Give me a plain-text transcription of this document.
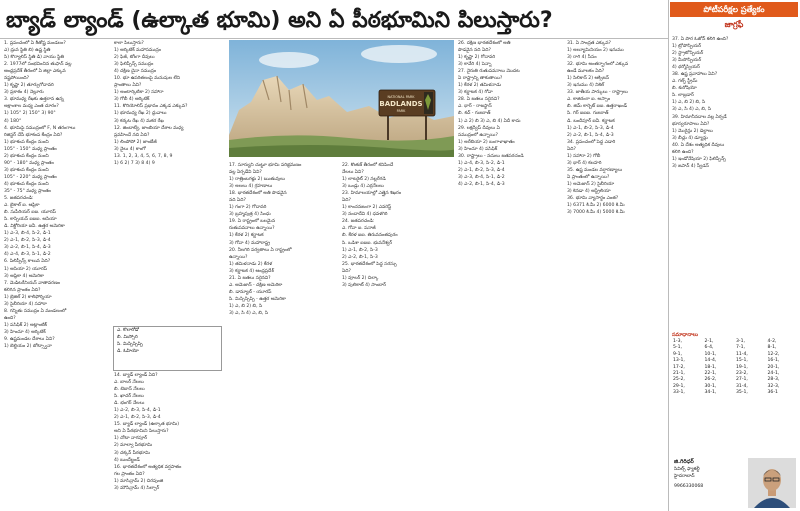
బ్యాడ్ ల్యాండ్ (ఉల్కాత భూమి) అని ఏ పీఠభూమిని పిలుస్తారు?	పోటీపరీక్షల ప్రత్యేకం
జాగ్రఫీ
1. ప్రపంచంలో ఏ శీతోష్ణ మండలం?
ఎ) ధ్రువ స్థితి బి) ఉష్ణ స్థితి
సి) కొర్యాలిస్ స్థితి డి) వాయు స్థితి
2. 1977లో సంభవించిన తుఫాన్ వల్ల
ఆంధ్రప్రదేశ్ తీరంలో ఏ జిల్లా ఎక్కువ
నష్టపోయింది?
1) కృష్ణా 2) తూర్పుగోదావరి
3) ప్రకాశం 4) నెల్లూరు
3. భూమధ్య రేఖకు ఉత్తరాన ఉన్న
అక్షాంశాల మధ్య ఎంత దూరం?
1) 105° 2) 150° 3) 90°
4) 180°
4. భూమిపై సముద్రంలో F, N తరంగాలు
రిజిస్టర్ చేసే భూకంప కేంద్రం ఏది?
1) భూకంప కేంద్రం నుంచి
105° - 150° మధ్య ప్రాంతం
2) భూకంప కేంద్రం నుంచి
90° - 180° మధ్య ప్రాంతం
3) భూకంప కేంద్రం నుంచి
105° - 220° మధ్య ప్రాంతం
4) భూకంప కేంద్రం నుంచి
35° - 75° మధ్య ప్రాంతం
5. జతపరచండి:
ఎ. బైకాల్ ఐ. ఆఫ్రికా
బి. సుపీరియర్ ఐఐ. యూరప్
సి. కాస్పియన్ ఐఐఐ. ఆసియా
డి. విక్టోరియా ఐవీ. ఉత్తర అమెరికా
1) ఎ-3, బి-4, సి-2, డి-1
2) ఎ-1, బి-2, సి-3, డి-4
3) ఎ-2, బి-1, సి-4, డి-3
4) ఎ-4, బి-3, సి-1, డి-2
6. పిలిప్పీన్స్ కాలువ ఏది?
1) ఆసియా 2) యూరప్
3) ఆఫ్రికా 4) అమెరికా
7. మెడిటరేనియన్ వాతావరణం
కలిగిన ప్రాంతం ఏది?
1) బ్రెజిల్ 2) కాలిఫోర్నియా
3) సైబీరియా 4) సహారా
8. గన్నితు సముద్రం ఏ మండలంలో
ఉంది?
1) పసిఫిక్ 2) అట్లాంటిక్
3) హిందూ 4) ఆర్కిటిక్
9. ఉష్ణమండల దేశాలు ఏవి?
1) బెల్జియం 2) బోట్స్వానా
కాలా పిలుస్తారు?
1) ఆర్కిటిక్ మహాసముద్రం
2) ఫిజీ, టోంగా దీవులు
3) ఫిలిప్పీన్స్ సముద్రం
4) దక్షిణ చైనా సముద్రం
10. భూ ఉపరితలంపై మనుషుల లేని
ప్రాంతాలు ఏవి?
1) అంటార్కిటికా 2) సహారా
3) గోబీ 4) ఆర్కిటిక్
11. కొరియోలిస్ ప్రభావం ఎక్కడ ఎక్కువ?
1) భూమధ్య రేఖ 2) ధ్రువాలు
3) కర్కట రేఖ 4) మకర రేఖ
12. జింబాబ్వే, జాంబియా దేశాల మధ్య
ప్రవహించే నది ఏది?
1) లింపోపో 2) జాంబేజీ
3) నైలు 4) కాంగో
13. 1, 2, 3, 4, 5, 6, 7, 8, 9
1) 6 2) 7 3) 8 4) 9
14. బ్యాడ్ ల్యాండ్ ఏది?
ఎ. బాలర్ నేలలు
బి. బెబాన్ నేలలు
సి. ఖాదర్ నేలలు
డి. భంగర్ నేలలు
1) ఎ-2, బి-3, సి-4, డి-1
2) ఎ-1, బి-2, సి-3, డి-4
15. బ్యాడ్ ల్యాండ్ (ఉల్కాత భూమి)
అని ఏ పీఠభూమిని పిలుస్తారు?
1) చోటా నాగపూర్
2) మాల్వా పీఠభూమి
3) దక్కన్ పీఠభూమి
4) బుందేల్ఖండ్
16. భారతదేశంలో అత్యధిక వర్షపాతం
గల ప్రాంతం ఏది?
1) మాసిన్రామ్ 2) చిరపుంజి
3) మౌసిన్రామ్ 4) సిల్చార్
NATIONAL PARK
BADLANDS
PARK
17. సూర్యుని చుట్టూ భూమి పరిభ్రమణం
వల్ల ఏర్పడేవి ఏవి?
1) రాత్రింబగళ్లు 2) ఋతువులు
3) అలలు 4) గ్రహణాలు
18. భారతదేశంలో అతి పొడవైన
నది ఏది?
1) గంగా 2) గోదావరి
3) బ్రహ్మపుత్ర 4) సింధు
19. ఏ రాష్ట్రంలో బలమైన
రుతుపవనాలు ఉన్నాయి?
1) కేరళ 2) కర్ణాటక
3) గోవా 4) మహారాష్ట్ర
20. నీలగిరి పర్వతాలు ఏ రాష్ట్రంలో
ఉన్నాయి?
1) తమిళనాడు 2) కేరళ
3) కర్ణాటక 4) ఆంధ్రప్రదేశ్
21. ఏ జతలు సరైనవి?
ఎ. ఆమెజాన్ - దక్షిణ అమెరికా
బి. డాన్యూబ్ - యూరప్
సి. మిస్సిస్సిప్పి - ఉత్తర అమెరికా
1) ఎ, బి 2) బి, సి
3) ఎ, సి 4) ఎ, బి, సి
22. కొంకణ్ తీరంలో కనిపించే
నేలలు ఏవి?
1) లాటరైట్ 2) నల్లరేగడి
3) ఒండ్రు 4) ఎర్రనేలలు
23. హిమాలయాల్లో ఎత్తైన శిఖరం
ఏది?
1) కాంచనజంగా 2) ఎవరెస్ట్
3) నందాదేవి 4) ధవళగిరి
24. జతపరచండి:
ఎ. గోవా ఐ. పనాజీ
బి. కేరళ ఐఐ. తిరువనంతపురం
సి. ఒడిశా ఐఐఐ. భువనేశ్వర్
1) ఎ-1, బి-2, సి-3
2) ఎ-2, బి-1, సి-3
25. భారతదేశంలో పెద్ద సరస్సు
ఏది?
1) వూలర్ 2) చిల్కా
3) పులికాట్ 4) సాంబార్
26. దక్షిణ భారతదేశంలో అతి
పొడవైన నది ఏది?
1) కృష్ణా 2) గోదావరి
3) కావేరి 4) పెన్నా
27. నైరుతి రుతుపవనాలు మొదట
ఏ రాష్ట్రాన్ని తాకుతాయి?
1) కేరళ 2) తమిళనాడు
3) కర్ణాటక 4) గోవా
28. ఏ జతలు సరైనవి?
ఎ. థార్ - రాజస్థాన్
బి. కచ్ - గుజరాత్
1) ఎ 2) బి 3) ఎ, బి 4) ఏదీ కాదు
29. లక్షద్వీప్ దీవులు ఏ
సముద్రంలో ఉన్నాయి?
1) అరేబియా 2) బంగాళాఖాతం
3) హిందూ 4) పసిఫిక్
30. రాష్ట్రాలు - నదులు జతపరచండి
1) ఎ-4, బి-3, సి-2, డి-1
2) ఎ-1, బి-2, సి-3, డి-4
3) ఎ-3, బి-4, సి-1, డి-2
4) ఎ-2, బి-1, సి-4, డి-3
31. ఏ సాంద్రత ఎక్కువ?
1) అల్యూమినియం 2) ఇనుము
3) రాగి 4) సీసం
32. భూమి అంతర్భాగంలో ఎక్కువ
ఉండే మూలకం ఏది?
1) సిలికాన్ 2) ఆక్సిజన్
3) ఇనుము 4) నికెల్
33. జాతీయ పార్కులు - రాష్ట్రాలు
ఎ. కాజిరంగా ఐ. అస్సాం
బి. జిమ్ కార్బెట్ ఐఐ. ఉత్తరాఖండ్
సి. గిర్ ఐఐఐ. గుజరాత్
డి. బందీపూర్ ఐవీ. కర్ణాటక
1) ఎ-1, బి-2, సి-3, డి-4
2) ఎ-2, బి-1, సి-4, డి-3
34. ప్రపంచంలో పెద్ద ఎడారి
ఏది?
1) సహారా 2) గోబీ
3) థార్ 4) కలహరి
35. ఉష్ణ మండల వర్షారణ్యాలు
ఏ ప్రాంతంలో ఉన్నాయి?
1) అమెజాన్ 2) సైబీరియా
3) కెనడా 4) ఆస్ట్రేలియా
36. భూమి వ్యాసార్థం ఎంత?
1) 6371 కి.మీ 2) 6000 కి.మీ
3) 7000 కి.మీ 4) 5000 కి.మీ
37. ఏ పొర ఓజోన్ కలిగి ఉంది?
1) ట్రోపోస్ఫియర్
2) స్ట్రాటోస్ఫియర్
3) మీసోస్ఫియర్
4) థర్మోస్ఫియర్
38. ఉష్ణ ప్రవాహాలు ఏవి?
ఎ. గల్ఫ్ స్ట్రీమ్
బి. కురోషియో
సి. లాబ్రడార్
1) ఎ, బి 2) బి, సి
3) ఎ, సి 4) ఎ, బి, సి
39. హిమానీనదాల వల్ల ఏర్పడే
భూస్వరూపాలు ఏవి?
1) మొరైన్లు 2) డెల్టాలు
3) బీచ్లు 4) డ్యూన్లు
40. ఏ దేశం అత్యధిక దీవులు
కలిగి ఉంది?
1) ఇండోనేషియా 2) ఫిలిప్పీన్స్
3) జపాన్ 4) స్వీడన్
ఎ. కొలారోడో
బి. మిస్సోరి
సి. మిస్సిస్సిప్పి
డి. ఓహియో
సమాధానాలు
1-3,	2-1,	3-1,	4-2,
5-1,	6-4,	7-1,	8-1,
9-1,	10-1,	11-4,	12-2,
13-1,	14-4,	15-1,	16-1,
17-2,	18-1,	19-1,	20-1,
21-1,	22-1,	23-2,	24-1,
25-2,	26-2,	27-1,	28-3,
29-1,	30-1,	31-4,	32-3,
33-1,	34-1,	35-1,	36-1
జి.గిరిధర్
సివిల్స్ ఫ్యాకల్టీ
హైదరాబాద్
9966330068
